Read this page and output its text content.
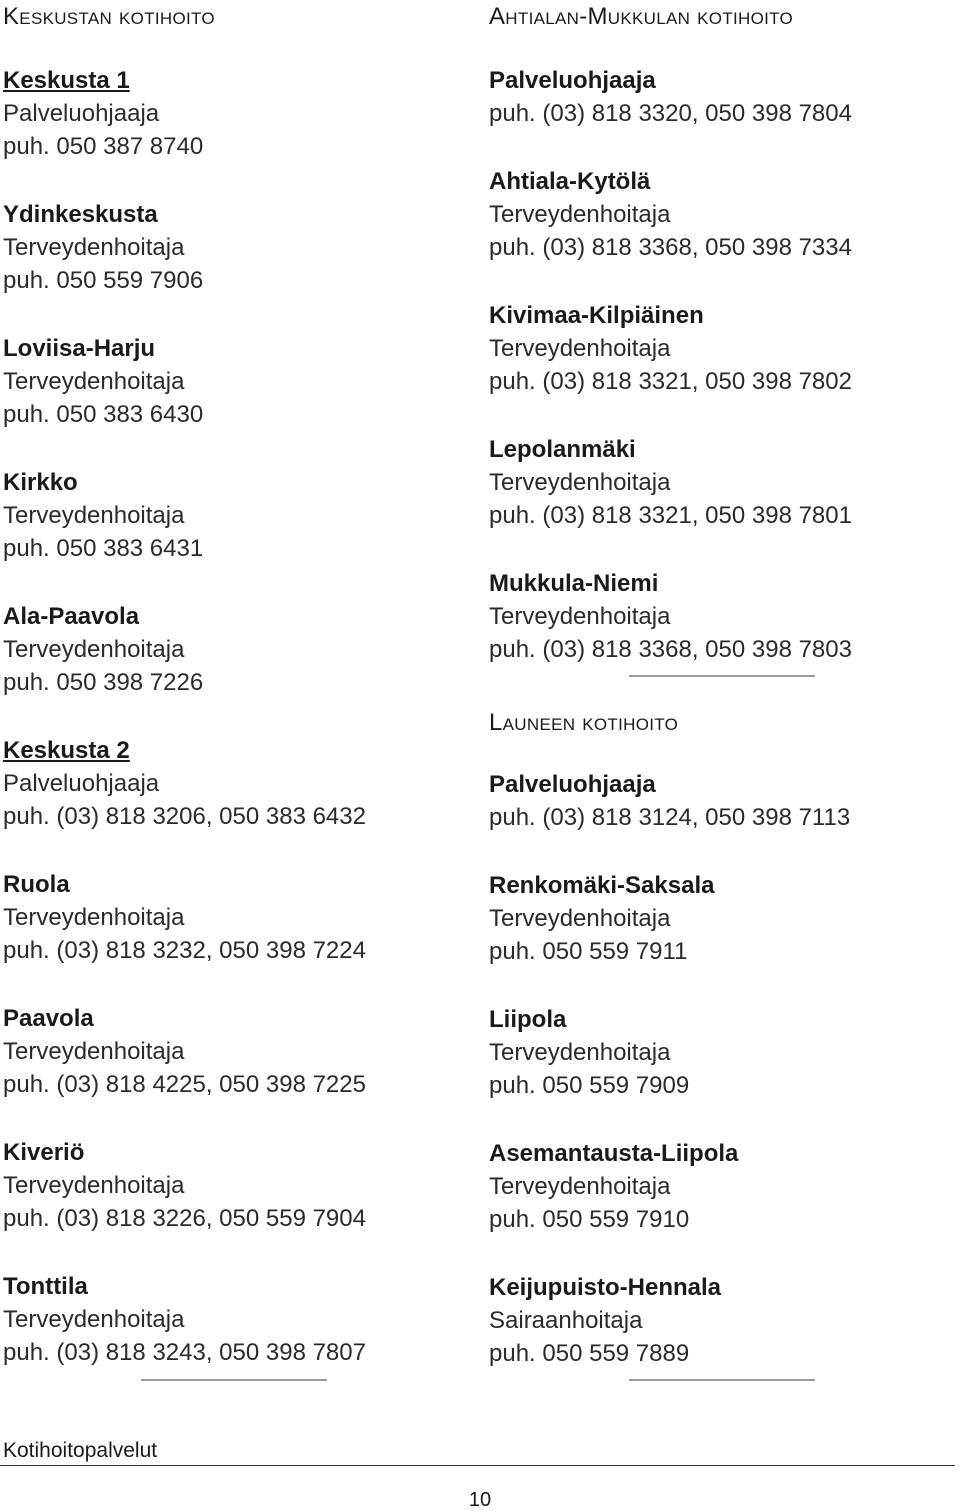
Keskustan kotihoito
Keskusta 1
Palveluohjaaja
puh. 050 387 8740
Ydinkeskusta
Terveydenhoitaja
puh. 050 559 7906
Loviisa-Harju
Terveydenhoitaja
puh. 050 383 6430
Kirkko
Terveydenhoitaja
puh. 050 383 6431
Ala-Paavola
Terveydenhoitaja
puh. 050 398 7226
Keskusta 2
Palveluohjaaja
puh. (03) 818 3206, 050 383 6432
Ruola
Terveydenhoitaja
puh. (03) 818 3232, 050 398 7224
Paavola
Terveydenhoitaja
puh. (03) 818 4225, 050 398 7225
Kiveriö
Terveydenhoitaja
puh. (03) 818 3226, 050 559 7904
Tonttila
Terveydenhoitaja
puh. (03) 818 3243, 050 398 7807
Ahtialan-Mukkulan kotihoito
Palveluohjaaja
puh. (03) 818 3320, 050 398 7804
Ahtiala-Kytölä
Terveydenhoitaja
puh. (03) 818 3368, 050 398 7334
Kivimaa-Kilpiäinen
Terveydenhoitaja
puh. (03) 818 3321, 050 398 7802
Lepolanmäki
Terveydenhoitaja
puh. (03) 818 3321, 050 398 7801
Mukkula-Niemi
Terveydenhoitaja
puh. (03) 818 3368, 050 398 7803
Launeen kotihoito
Palveluohjaaja
puh. (03) 818 3124, 050 398 7113
Renkomäki-Saksala
Terveydenhoitaja
puh. 050 559 7911
Liipola
Terveydenhoitaja
puh. 050 559 7909
Asemantausta-Liipola
Terveydenhoitaja
puh. 050 559 7910
Keijupuisto-Hennala
Sairaanhoitaja
puh. 050 559 7889
Kotihoitopalvelut
10
